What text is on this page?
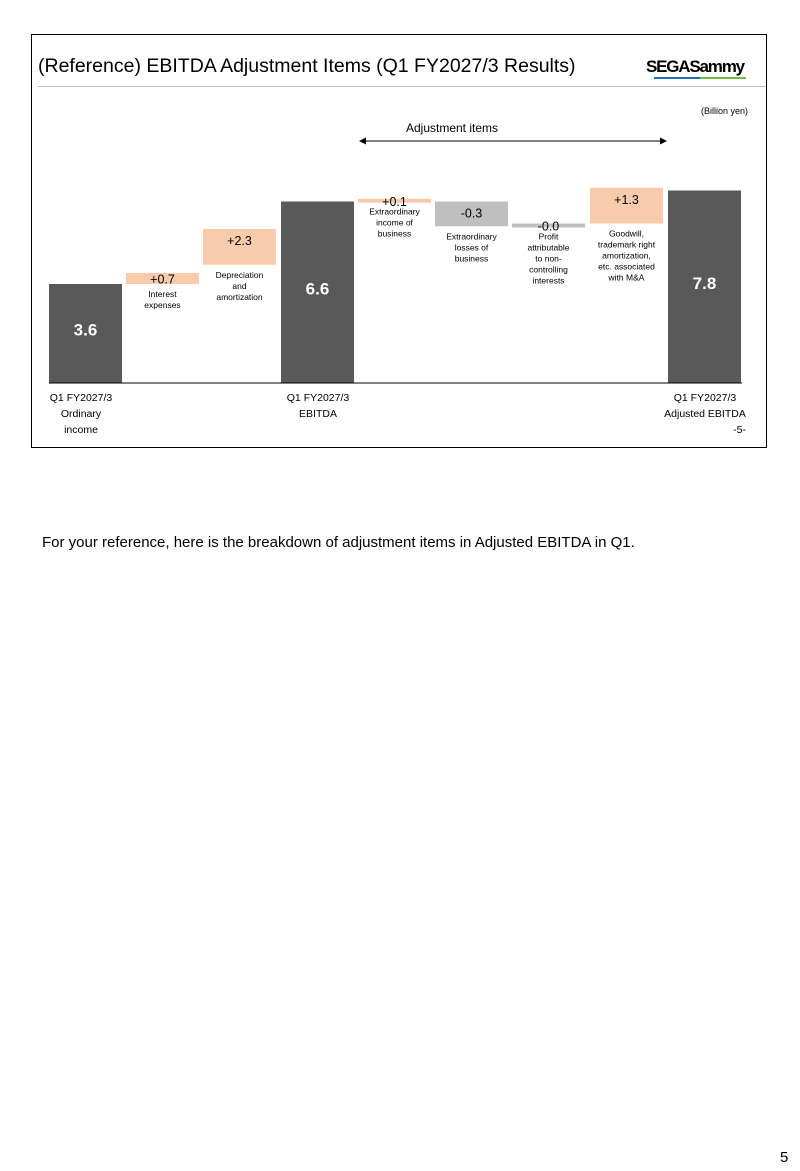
(Reference) EBITDA Adjustment Items (Q1 FY2027/3 Results)	SEGASammy
(Billion yen)
Adjustment items
3.6
+0.7
Interest
expenses
+2.3
Depreciation
and
amortization	6.6
+0.1
Extraordinary
income of
business
-0.3
Extraordinary
losses of
business
-0.0
Profit
attributable
to non-
controlling
interests
+1.3
Goodwill,
trademark right
amortization,
etc. associated
with M&A	7.8
Q1 FY2027/3
Ordinary
income
Q1 FY2027/3
EBITDA
Q1 FY2027/3
Adjusted EBITDA
-5-
For your reference, here is the breakdown of adjustment items in Adjusted EBITDA in Q1.
5
